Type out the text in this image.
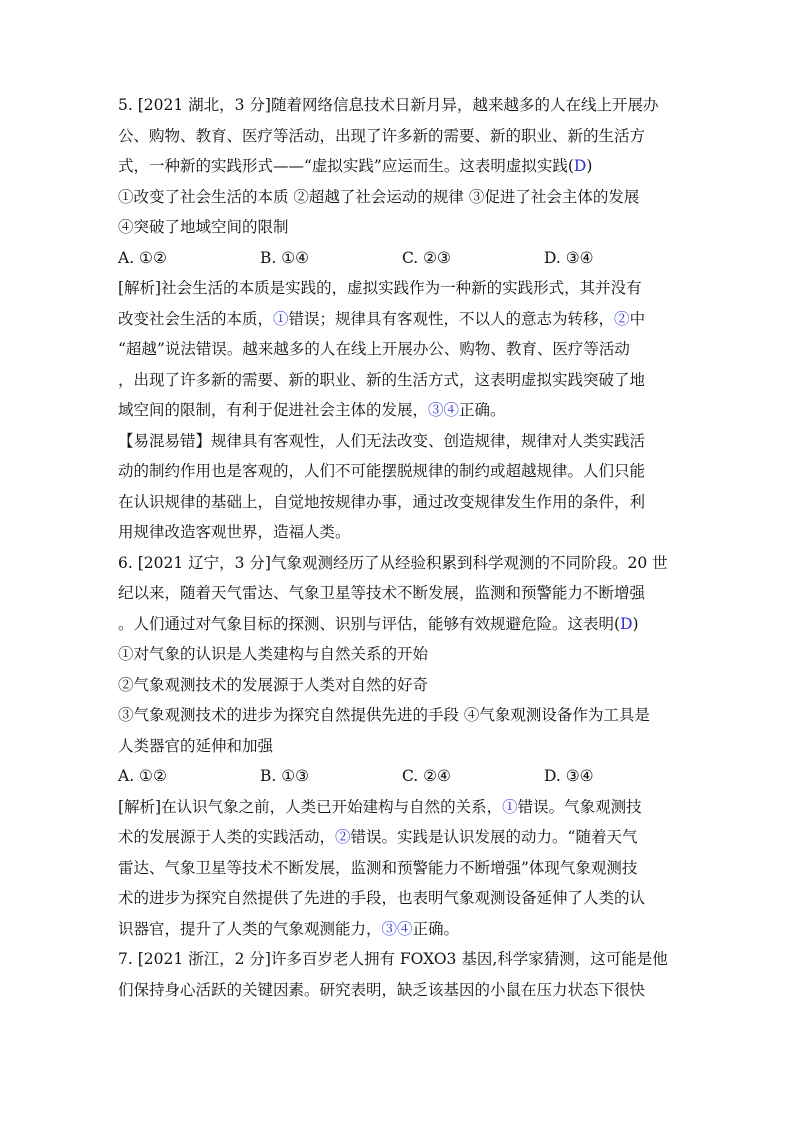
5. [2021 湖北，3 分]随着网络信息技术日新月异，越来越多的人在线上开展办
公、购物、教育、医疗等活动，出现了许多新的需要、新的职业、新的生活方
式，一种新的实践形式——“虚拟实践”应运而生。这表明虚拟实践(D)
①改变了社会生活的本质 ②超越了社会运动的规律 ③促进了社会主体的发展
④突破了地域空间的限制
A. ①②	B. ①④	C. ②③	D. ③④
[解析]社会生活的本质是实践的，虚拟实践作为一种新的实践形式，其并没有
改变社会生活的本质，①错误；规律具有客观性，不以人的意志为转移，②中
“超越”说法错误。越来越多的人在线上开展办公、购物、教育、医疗等活动
，出现了许多新的需要、新的职业、新的生活方式，这表明虚拟实践突破了地
域空间的限制，有利于促进社会主体的发展，③④正确。
【易混易错】规律具有客观性，人们无法改变、创造规律，规律对人类实践活
动的制约作用也是客观的，人们不可能摆脱规律的制约或超越规律。人们只能
在认识规律的基础上，自觉地按规律办事，通过改变规律发生作用的条件，利
用规律改造客观世界，造福人类。
6. [2021 辽宁，3 分]气象观测经历了从经验积累到科学观测的不同阶段。20 世
纪以来，随着天气雷达、气象卫星等技术不断发展，监测和预警能力不断增强
。人们通过对气象目标的探测、识别与评估，能够有效规避危险。这表明(D)
①对气象的认识是人类建构与自然关系的开始
②气象观测技术的发展源于人类对自然的好奇
③气象观测技术的进步为探究自然提供先进的手段 ④气象观测设备作为工具是
人类器官的延伸和加强
A. ①②	B. ①③	C. ②④	D. ③④
[解析]在认识气象之前，人类已开始建构与自然的关系，①错误。气象观测技
术的发展源于人类的实践活动，②错误。实践是认识发展的动力。“随着天气
雷达、气象卫星等技术不断发展，监测和预警能力不断增强”体现气象观测技
术的进步为探究自然提供了先进的手段，也表明气象观测设备延伸了人类的认
识器官，提升了人类的气象观测能力，③④正确。
7. [2021 浙江，2 分]许多百岁老人拥有 FOXO3 基因,科学家猜测，这可能是他
们保持身心活跃的关键因素。研究表明，缺乏该基因的小鼠在压力状态下很快
